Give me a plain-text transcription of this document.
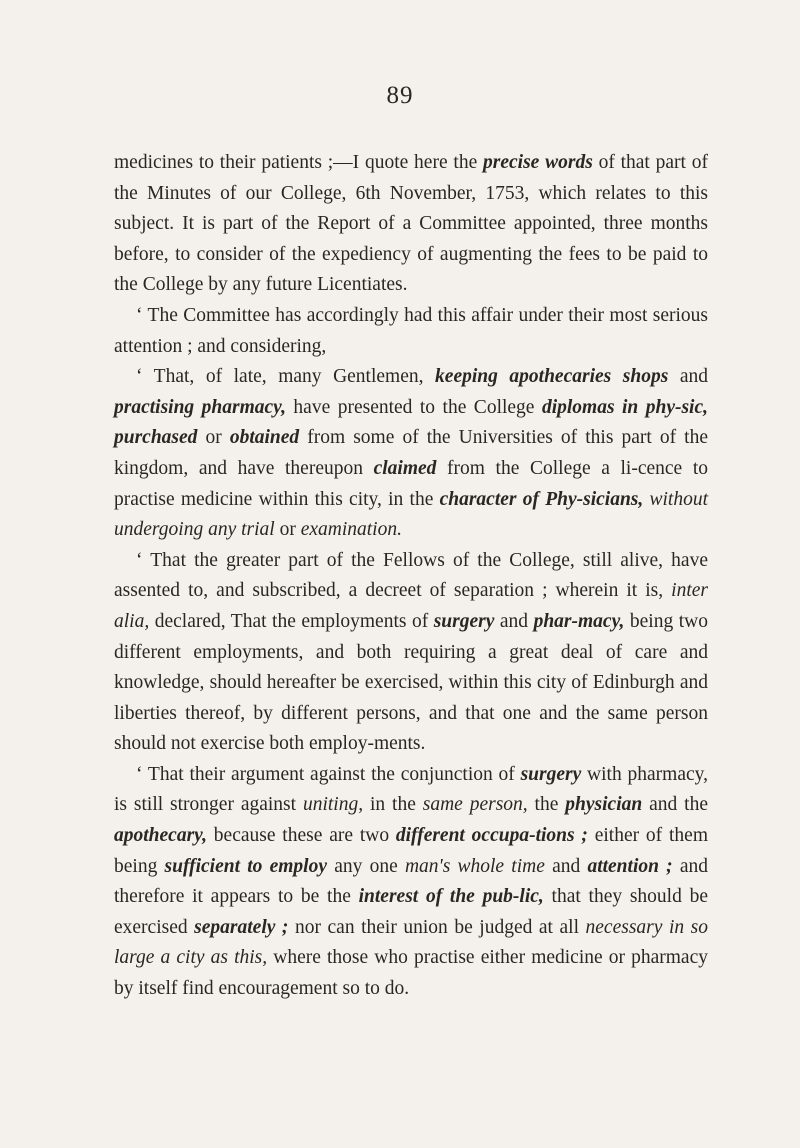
89

medicines to their patients ;—I quote here the precise words of that part of the Minutes of our College, 6th November, 1753, which relates to this subject. It is part of the Report of a Committee appointed, three months before, to consider of the expediency of augmenting the fees to be paid to the College by any future Licentiates.

‘ The Committee has accordingly had this affair under their most serious attention ; and considering,

‘ That, of late, many Gentlemen, keeping apothecaries shops and practising pharmacy, have presented to the College diplomas in phy-sic, purchased or obtained from some of the Universities of this part of the kingdom, and have thereupon claimed from the College a li-cence to practise medicine within this city, in the character of Phy-sicians, without undergoing any trial or examination.

‘ That the greater part of the Fellows of the College, still alive, have assented to, and subscribed, a decreet of separation ; wherein it is, inter alia, declared, That the employments of surgery and phar-macy, being two different employments, and both requiring a great deal of care and knowledge, should hereafter be exercised, within this city of Edinburgh and liberties thereof, by different persons, and that one and the same person should not exercise both employ-ments.

‘ That their argument against the conjunction of surgery with pharmacy, is still stronger against uniting, in the same person, the physician and the apothecary, because these are two different occupa-tions ; either of them being sufficient to employ any one man's whole time and attention ; and therefore it appears to be the interest of the pub-lic, that they should be exercised separately ; nor can their union be judged at all necessary in so large a city as this, where those who practise either medicine or pharmacy by itself find encouragement so to do.
